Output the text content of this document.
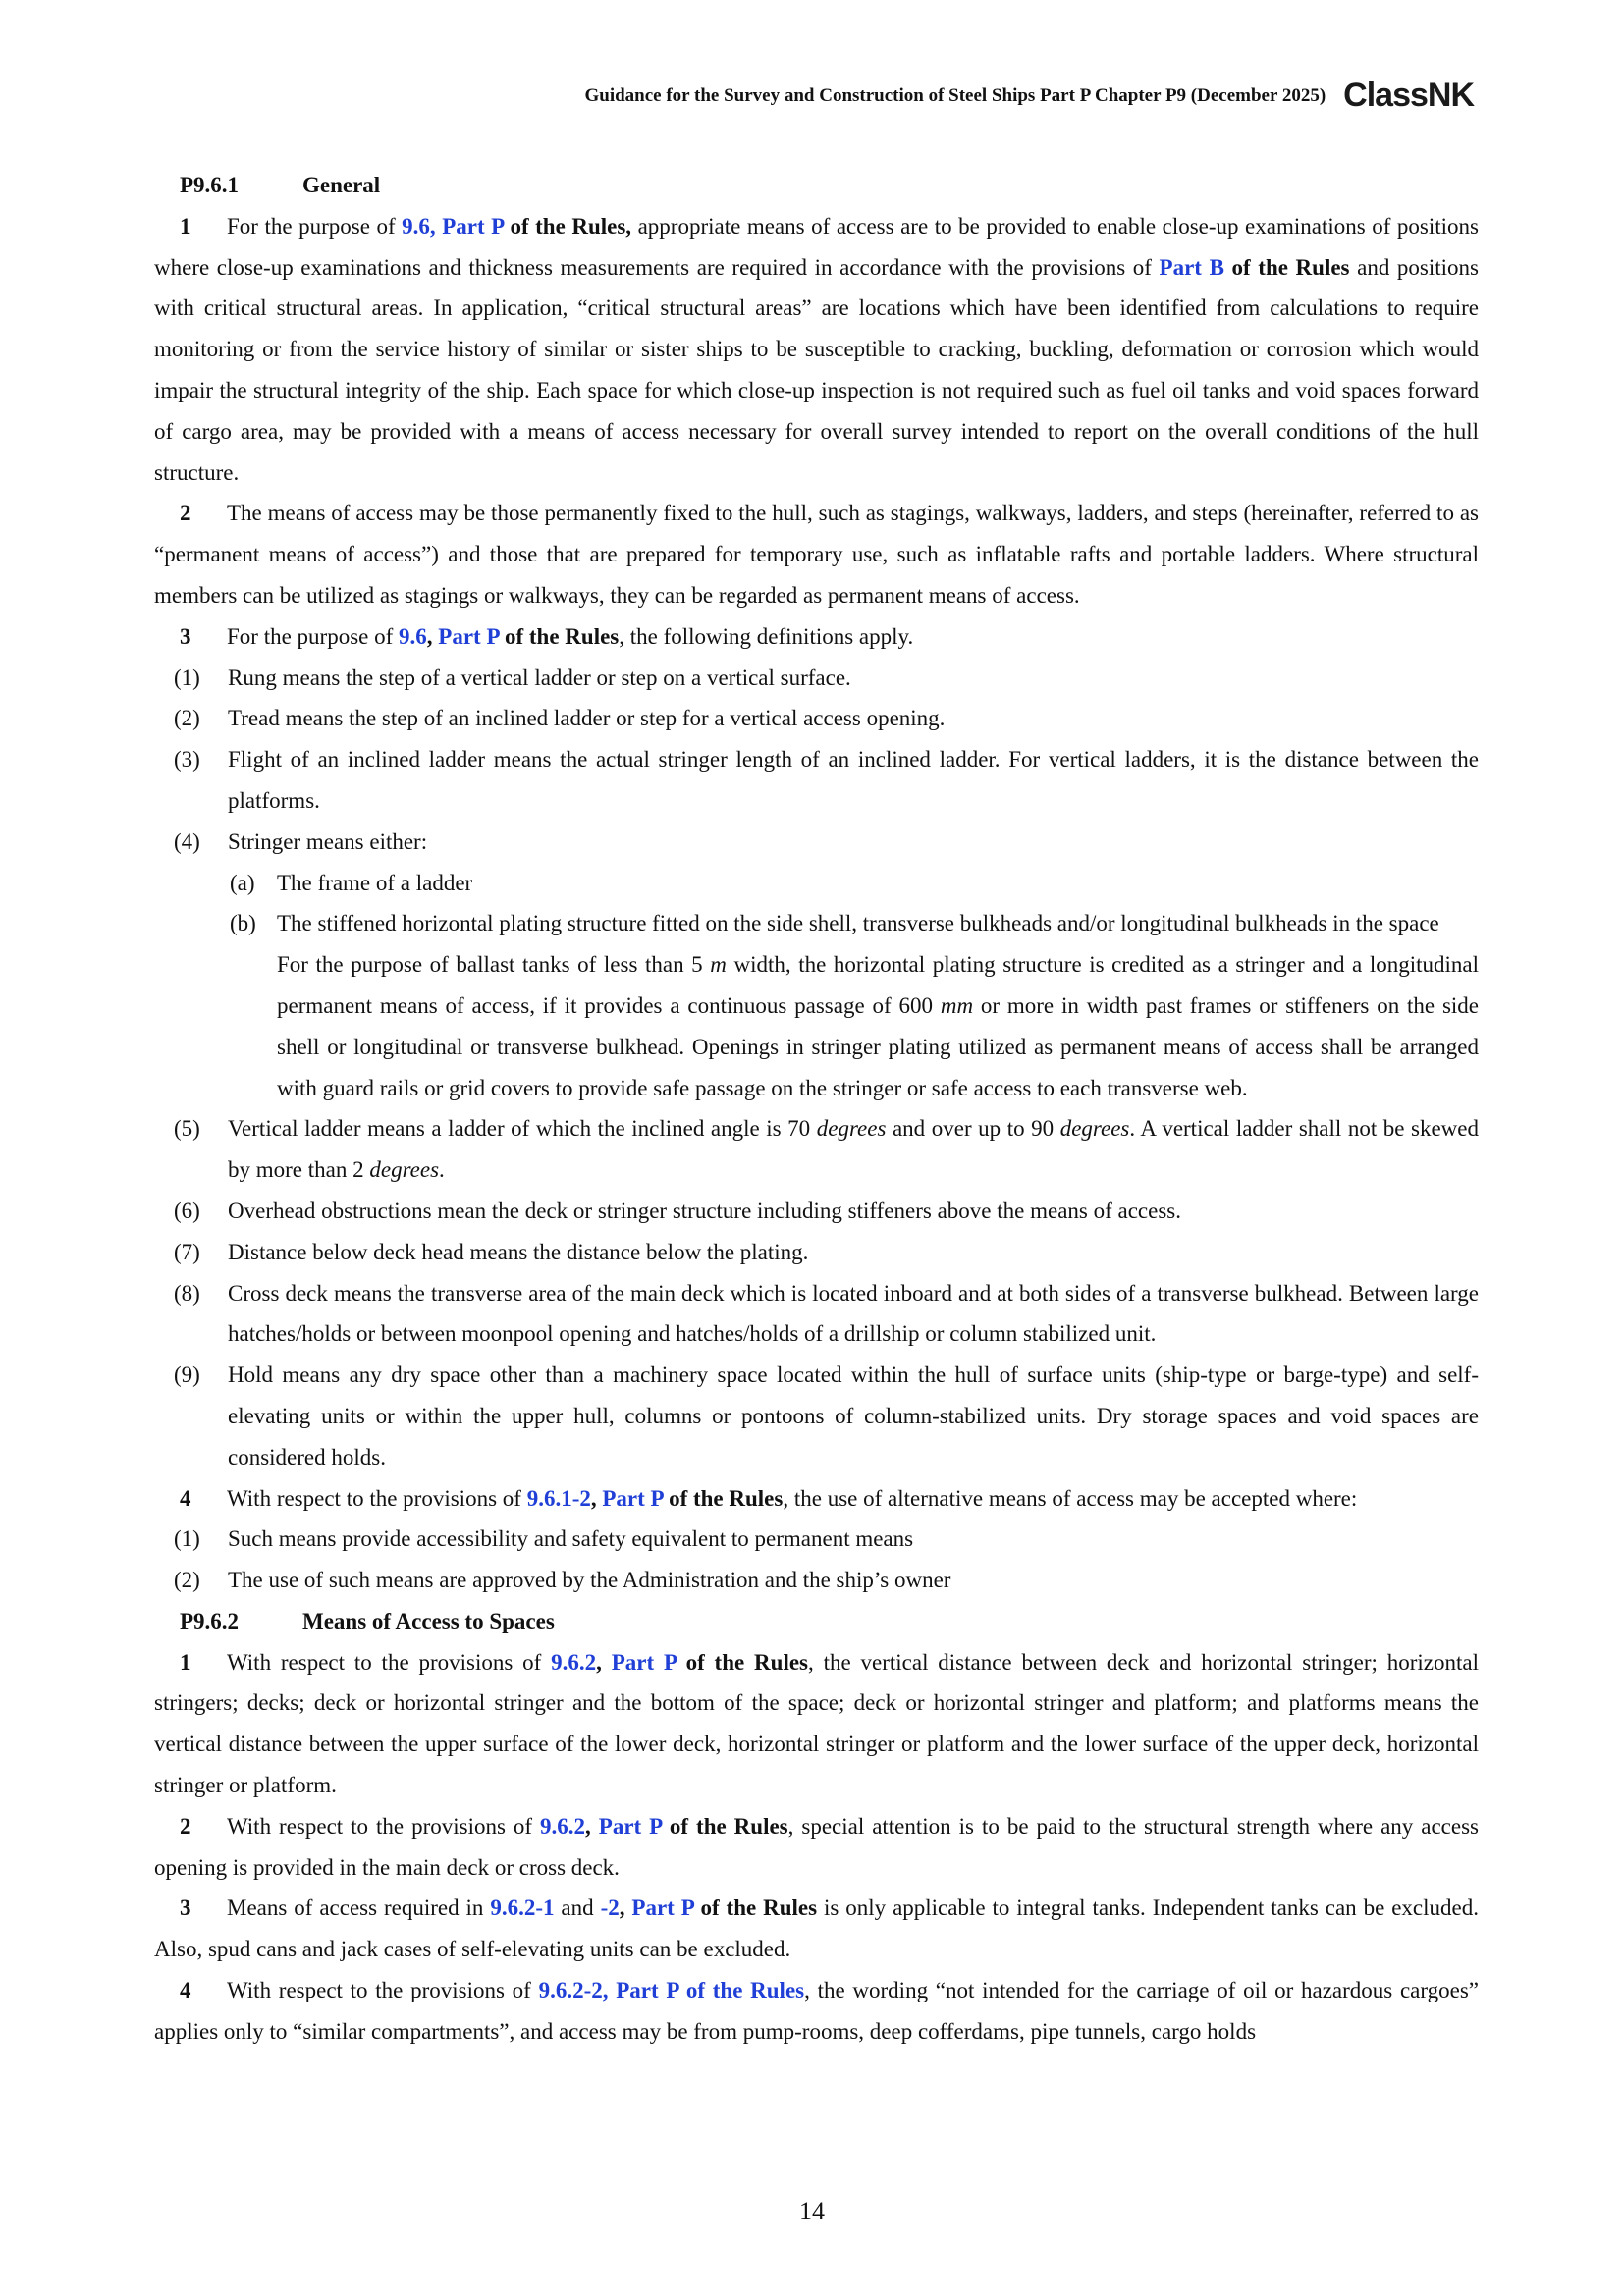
Guidance for the Survey and Construction of Steel Ships Part P Chapter P9 (December 2025) ClassNK

P9.6.1	General

1 For the purpose of 9.6, Part P of the Rules, appropriate means of access are to be provided to enable close-up examinations of positions where close-up examinations and thickness measurements are required in accordance with the provisions of Part B of the Rules and positions with critical structural areas. In application, “critical structural areas” are locations which have been identified from calculations to require monitoring or from the service history of similar or sister ships to be susceptible to cracking, buckling, deformation or corrosion which would impair the structural integrity of the ship. Each space for which close-up inspection is not required such as fuel oil tanks and void spaces forward of cargo area, may be provided with a means of access necessary for overall survey intended to report on the overall conditions of the hull structure.

2 The means of access may be those permanently fixed to the hull, such as stagings, walkways, ladders, and steps (hereinafter, referred to as “permanent means of access”) and those that are prepared for temporary use, such as inflatable rafts and portable ladders. Where structural members can be utilized as stagings or walkways, they can be regarded as permanent means of access.

3 For the purpose of 9.6, Part P of the Rules, the following definitions apply.

(1) Rung means the step of a vertical ladder or step on a vertical surface.

(2) Tread means the step of an inclined ladder or step for a vertical access opening.

(3) Flight of an inclined ladder means the actual stringer length of an inclined ladder. For vertical ladders, it is the distance between the platforms.

(4) Stringer means either:

(a) The frame of a ladder

(b) The stiffened horizontal plating structure fitted on the side shell, transverse bulkheads and/or longitudinal bulkheads in the space

For the purpose of ballast tanks of less than 5 m width, the horizontal plating structure is credited as a stringer and a longitudinal permanent means of access, if it provides a continuous passage of 600 mm or more in width past frames or stiffeners on the side shell or longitudinal or transverse bulkhead. Openings in stringer plating utilized as permanent means of access shall be arranged with guard rails or grid covers to provide safe passage on the stringer or safe access to each transverse web.

(5) Vertical ladder means a ladder of which the inclined angle is 70 degrees and over up to 90 degrees. A vertical ladder shall not be skewed by more than 2 degrees.

(6) Overhead obstructions mean the deck or stringer structure including stiffeners above the means of access.

(7) Distance below deck head means the distance below the plating.

(8) Cross deck means the transverse area of the main deck which is located inboard and at both sides of a transverse bulkhead. Between large hatches/holds or between moonpool opening and hatches/holds of a drillship or column stabilized unit.

(9) Hold means any dry space other than a machinery space located within the hull of surface units (ship-type or barge-type) and self-elevating units or within the upper hull, columns or pontoons of column-stabilized units. Dry storage spaces and void spaces are considered holds.

4 With respect to the provisions of 9.6.1-2, Part P of the Rules, the use of alternative means of access may be accepted where:

(1) Such means provide accessibility and safety equivalent to permanent means

(2) The use of such means are approved by the Administration and the ship’s owner

P9.6.2	Means of Access to Spaces

1 With respect to the provisions of 9.6.2, Part P of the Rules, the vertical distance between deck and horizontal stringer; horizontal stringers; decks; deck or horizontal stringer and the bottom of the space; deck or horizontal stringer and platform; and platforms means the vertical distance between the upper surface of the lower deck, horizontal stringer or platform and the lower surface of the upper deck, horizontal stringer or platform.

2 With respect to the provisions of 9.6.2, Part P of the Rules, special attention is to be paid to the structural strength where any access opening is provided in the main deck or cross deck.

3 Means of access required in 9.6.2-1 and -2, Part P of the Rules is only applicable to integral tanks. Independent tanks can be excluded. Also, spud cans and jack cases of self-elevating units can be excluded.

4 With respect to the provisions of 9.6.2-2, Part P of the Rules, the wording “not intended for the carriage of oil or hazardous cargoes” applies only to “similar compartments”, and access may be from pump-rooms, deep cofferdams, pipe tunnels, cargo holds

14
